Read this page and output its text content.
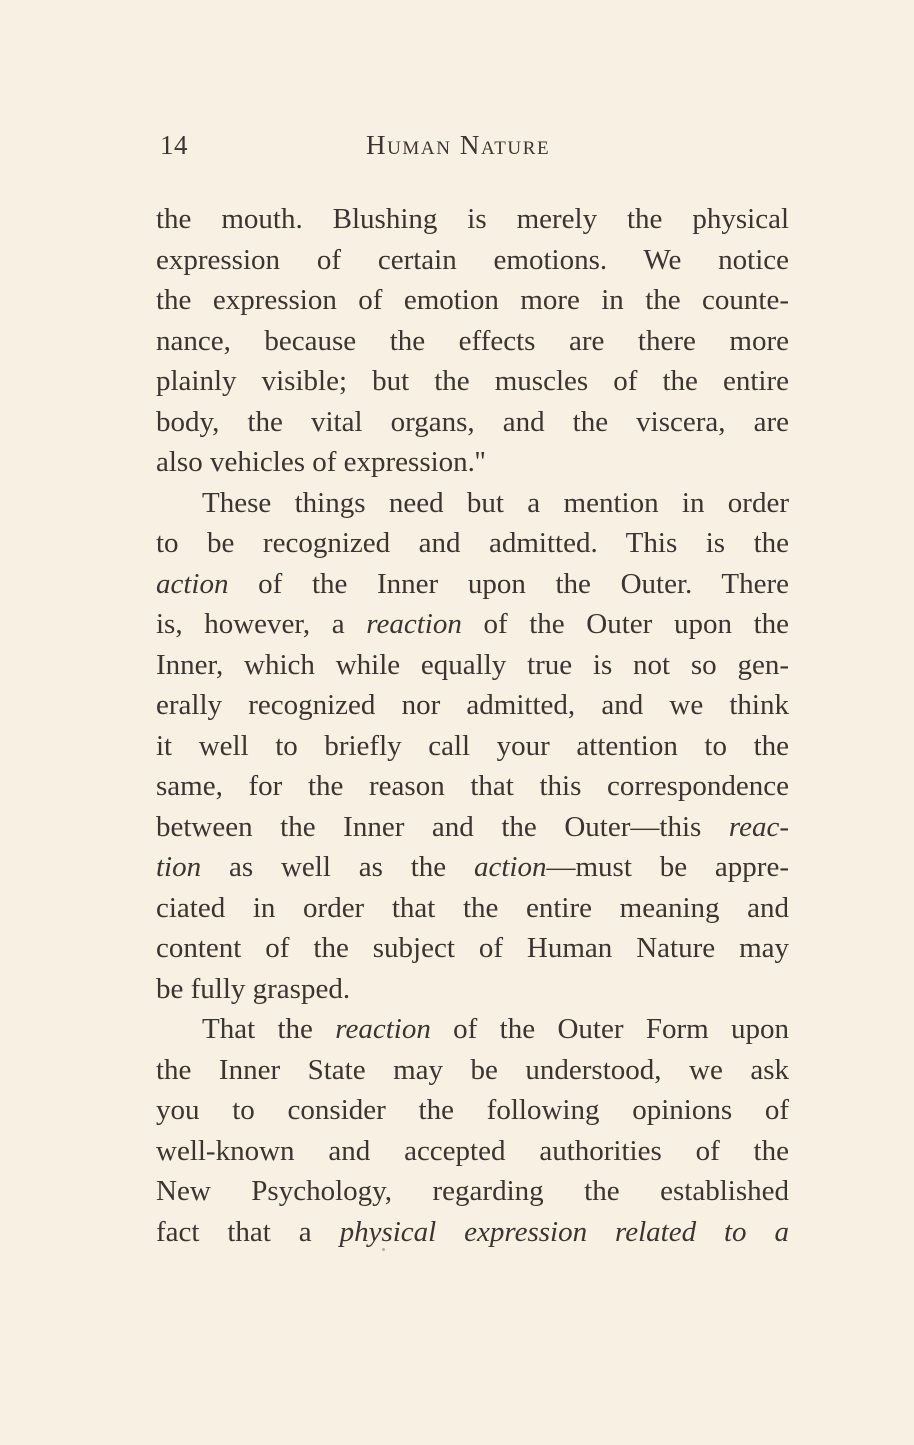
14	Human Nature
the mouth. Blushing is merely the physical
expression of certain emotions. We notice
the expression of emotion more in the counte-
nance, because the effects are there more
plainly visible; but the muscles of the entire
body, the vital organs, and the viscera, are
also vehicles of expression.''
These things need but a mention in order
to be recognized and admitted. This is the
action of the Inner upon the Outer. There
is, however, a reaction of the Outer upon the
Inner, which while equally true is not so gen-
erally recognized nor admitted, and we think
it well to briefly call your attention to the
same, for the reason that this correspondence
between the Inner and the Outer—this reac-
tion as well as the action—must be appre-
ciated in order that the entire meaning and
content of the subject of Human Nature may
be fully grasped.
That the reaction of the Outer Form upon
the Inner State may be understood, we ask
you to consider the following opinions of
well-known and accepted authorities of the
New Psychology, regarding the established
fact that a physical expression related to a
